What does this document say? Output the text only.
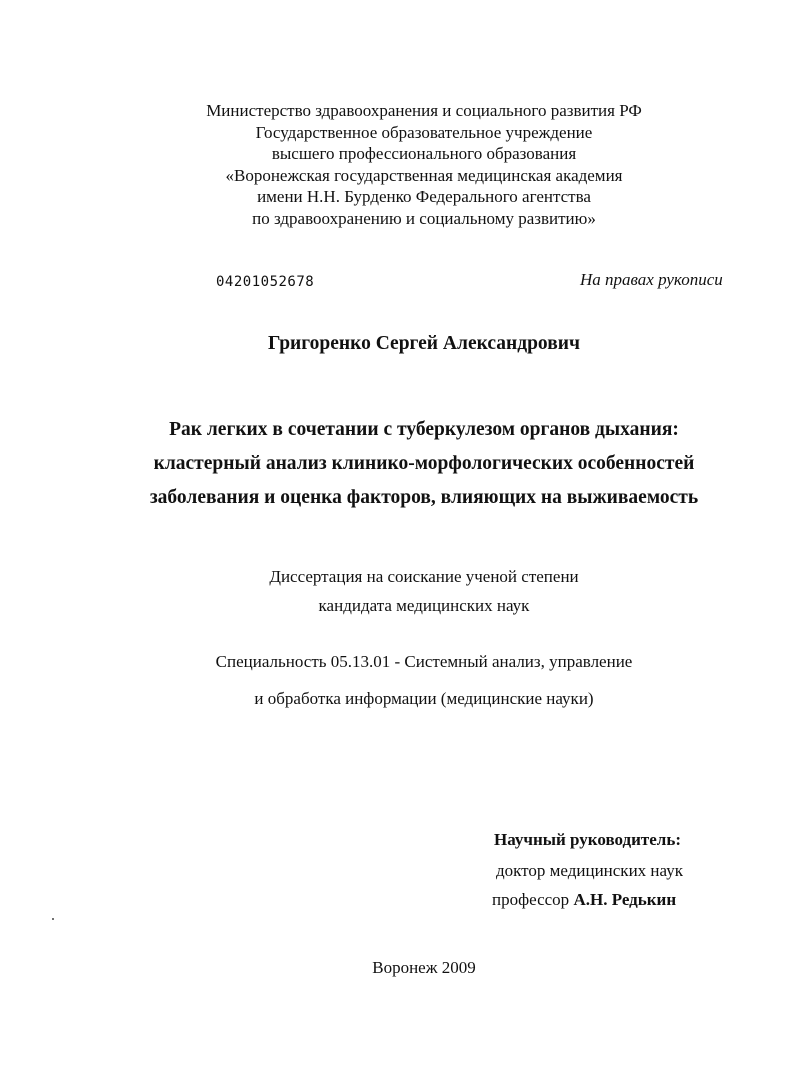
Министерство здравоохранения и социального развития РФ
Государственное образовательное учреждение
высшего профессионального образования
«Воронежская государственная медицинская академия
имени Н.Н. Бурденко Федерального агентства
по здравоохранению и социальному развитию»
04201052678	На правах рукописи
Григоренко Сергей Александрович
Рак легких в сочетании с туберкулезом органов дыхания:
кластерный анализ клинико-морфологических особенностей
заболевания и оценка факторов, влияющих на выживаемость
Диссертация на соискание ученой степени
кандидата медицинских наук
Специальность 05.13.01 - Системный анализ, управление
и обработка информации (медицинские науки)
Научный руководитель:
доктор медицинских наук
профессор А.Н. Редькин
Воронеж 2009
